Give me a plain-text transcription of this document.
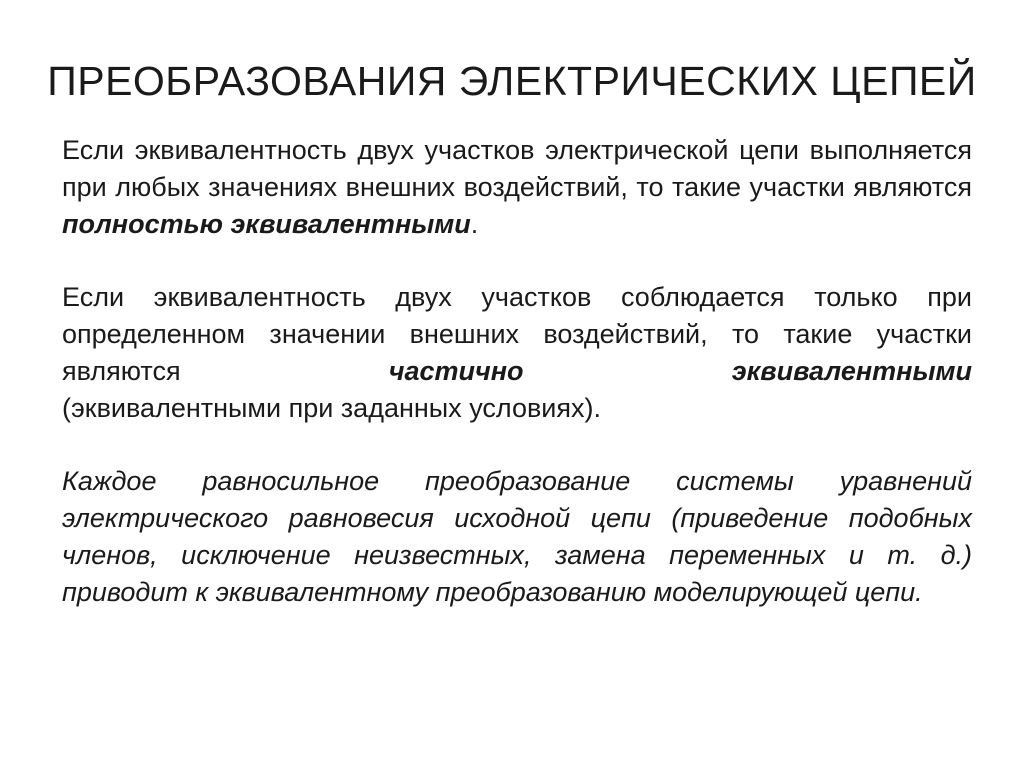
ПРЕОБРАЗОВАНИЯ ЭЛЕКТРИЧЕСКИХ ЦЕПЕЙ

Если эквивалентность двух участков электрической цепи выполняется при любых значениях внешних воздействий, то такие участки являются полностью эквивалентными.

Если эквивалентность двух участков соблюдается только при определенном значении внешних воздействий, то такие участки являются частично эквивалентными
(эквивалентными при заданных условиях).

Каждое равносильное преобразование системы уравнений электрического равновесия исходной цепи (приведение подобных членов, исключение неизвестных, замена переменных и т. д.) приводит к эквивалентному преобразованию моделирующей цепи.
